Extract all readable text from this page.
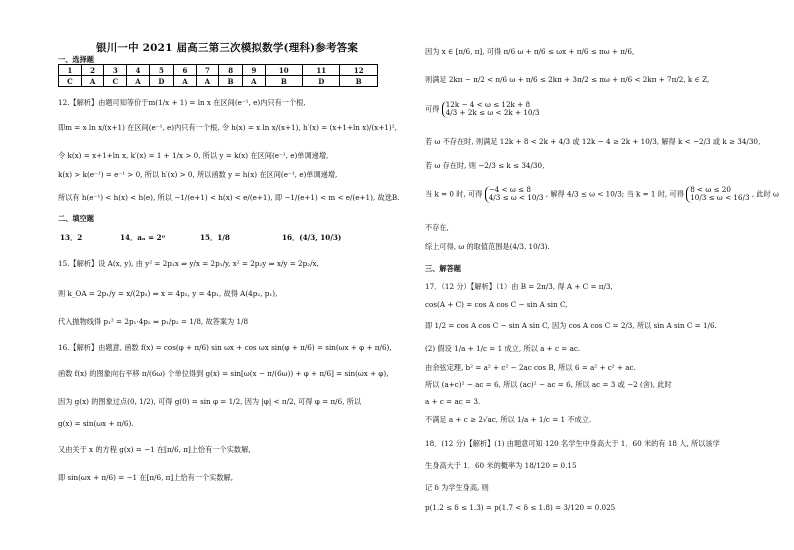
银川一中 2021 届高三第三次模拟数学(理科)参考答案
一、选择题
1	2	3	4	5	6	7	8	9	10	11	12
C	A	C	A	D	A	A	B	A	B	D	B
12.【解析】由题可知等价于m(1/x + 1) = ln x 在区间(e⁻¹, e)内只有一个根,
即m = x ln x/(x+1) 在区间(e⁻¹, e)内只有一个根, 令 h(x) = x ln x/(x+1), h′(x) = (x+1+ln x)/(x+1)²,
令 k(x) = x+1+ln x, k′(x) = 1 + 1/x > 0, 所以 y = k(x) 在区间(e⁻¹, e)单调递增,
k(x) > k(e⁻¹) = e⁻¹ > 0, 所以 h′(x) > 0, 所以函数 y = h(x) 在区间(e⁻¹, e)单调递增,
所以有 h(e⁻¹) < h(x) < h(e), 所以 −1/(e+1) < h(x) < e/(e+1), 即 −1/(e+1) < m < e/(e+1), 故选B.
二、填空题
13．2	14．aₙ = 2ⁿ	15．1/8	16．(4/3, 10/3)
15.【解析】设 A(x, y), 由 y² = 2p₁x ⇒ y/x = 2p₁/y, x² = 2p₂y ⇒ x/y = 2p₂/x,
则 k_OA = 2p₁/y = x/(2p₂) ⇒ x = 4p₂, y = 4p₁, 故得 A(4p₂, p₁),
代入抛物线得 p₁² = 2p₁·4p₂ ⇒ p₁/p₂ = 1/8, 故答案为 1/8
16.【解析】由题意, 函数 f(x) = cos(φ + π/6) sin ωx + cos ωx sin(φ + π/6) = sin(ωx + φ + π/6),
函数 f(x) 的图象向右平移 π/(6ω) 个单位得到 g(x) = sin[ω(x − π/(6ω)) + φ + π/6] = sin(ωx + φ),
因为 g(x) 的图象过点(0, 1/2), 可得 g(0) = sin φ = 1/2, 因为 |φ| < π/2, 可得 φ = π/6, 所以
g(x) = sin(ωx + π/6).
又由关于 x 的方程 g(x) = −1 在[π/6, π]上恰有一个实数解,
即 sin(ωx + π/6) = −1 在[π/6, π]上恰有一个实数解,
因为 x ∈ [π/6, π], 可得 π/6 ω + π/6 ≤ ωx + π/6 ≤ πω + π/6,
则满足 2kπ − π/2 < π/6 ω + π/6 ≤ 2kπ + 3π/2 ≤ πω + π/6 < 2kπ + 7π/2, k ∈ Z,
可得
12k − 4 < ω ≤ 12k + 8
4/3 + 2k ≤ ω < 2k + 10/3
若 ω 不存在时, 则满足 12k + 8 < 2k + 4/3 或 12k − 4 ≥ 2k + 10/3, 解得 k < −2/3 或 k ≥ 34/30,
若 ω 存在时, 则 −2/3 ≤ k ≤ 34/30,
当 k = 0 时, 可得
−4 < ω ≤ 8
4/3 ≤ ω < 10/3 , 解得 4/3 ≤ ω < 10/3; 当 k = 1 时, 可得
8 < ω ≤ 20
10/3 ≤ ω < 16/3 , 此时 ω
不存在,
综上可得, ω 的取值范围是(4/3, 10/3).
三、解答题
17．（12 分）【解析】（1）由 B = 2π/3, 得 A + C = π/3,
cos(A + C) = cos A cos C − sin A sin C,
即 1/2 = cos A cos C − sin A sin C, 因为 cos A cos C = 2/3, 所以 sin A sin C = 1/6.
(2) 假设 1/a + 1/c = 1 成立, 所以 a + c = ac.
由余弦定理, b² = a² + c² − 2ac cos B, 所以 6 = a² + c² + ac.
所以 (a+c)² − ac = 6, 所以 (ac)² − ac = 6, 所以 ac = 3 或 −2 (舍), 此时
a + c = ac = 3.
不满足 a + c ≥ 2√ac, 所以 1/a + 1/c = 1 不成立.
18．(12 分)【解析】(1) 由题意可知 120 名学生中身高大于 1．60 米的有 18 人, 所以该学
生身高大于 1．60 米的概率为 18/120 = 0.15
记 δ 为学生身高, 则
p(1.2 ≤ δ ≤ 1.3) = p(1.7 < δ ≤ 1.8) = 3/120 = 0.025
